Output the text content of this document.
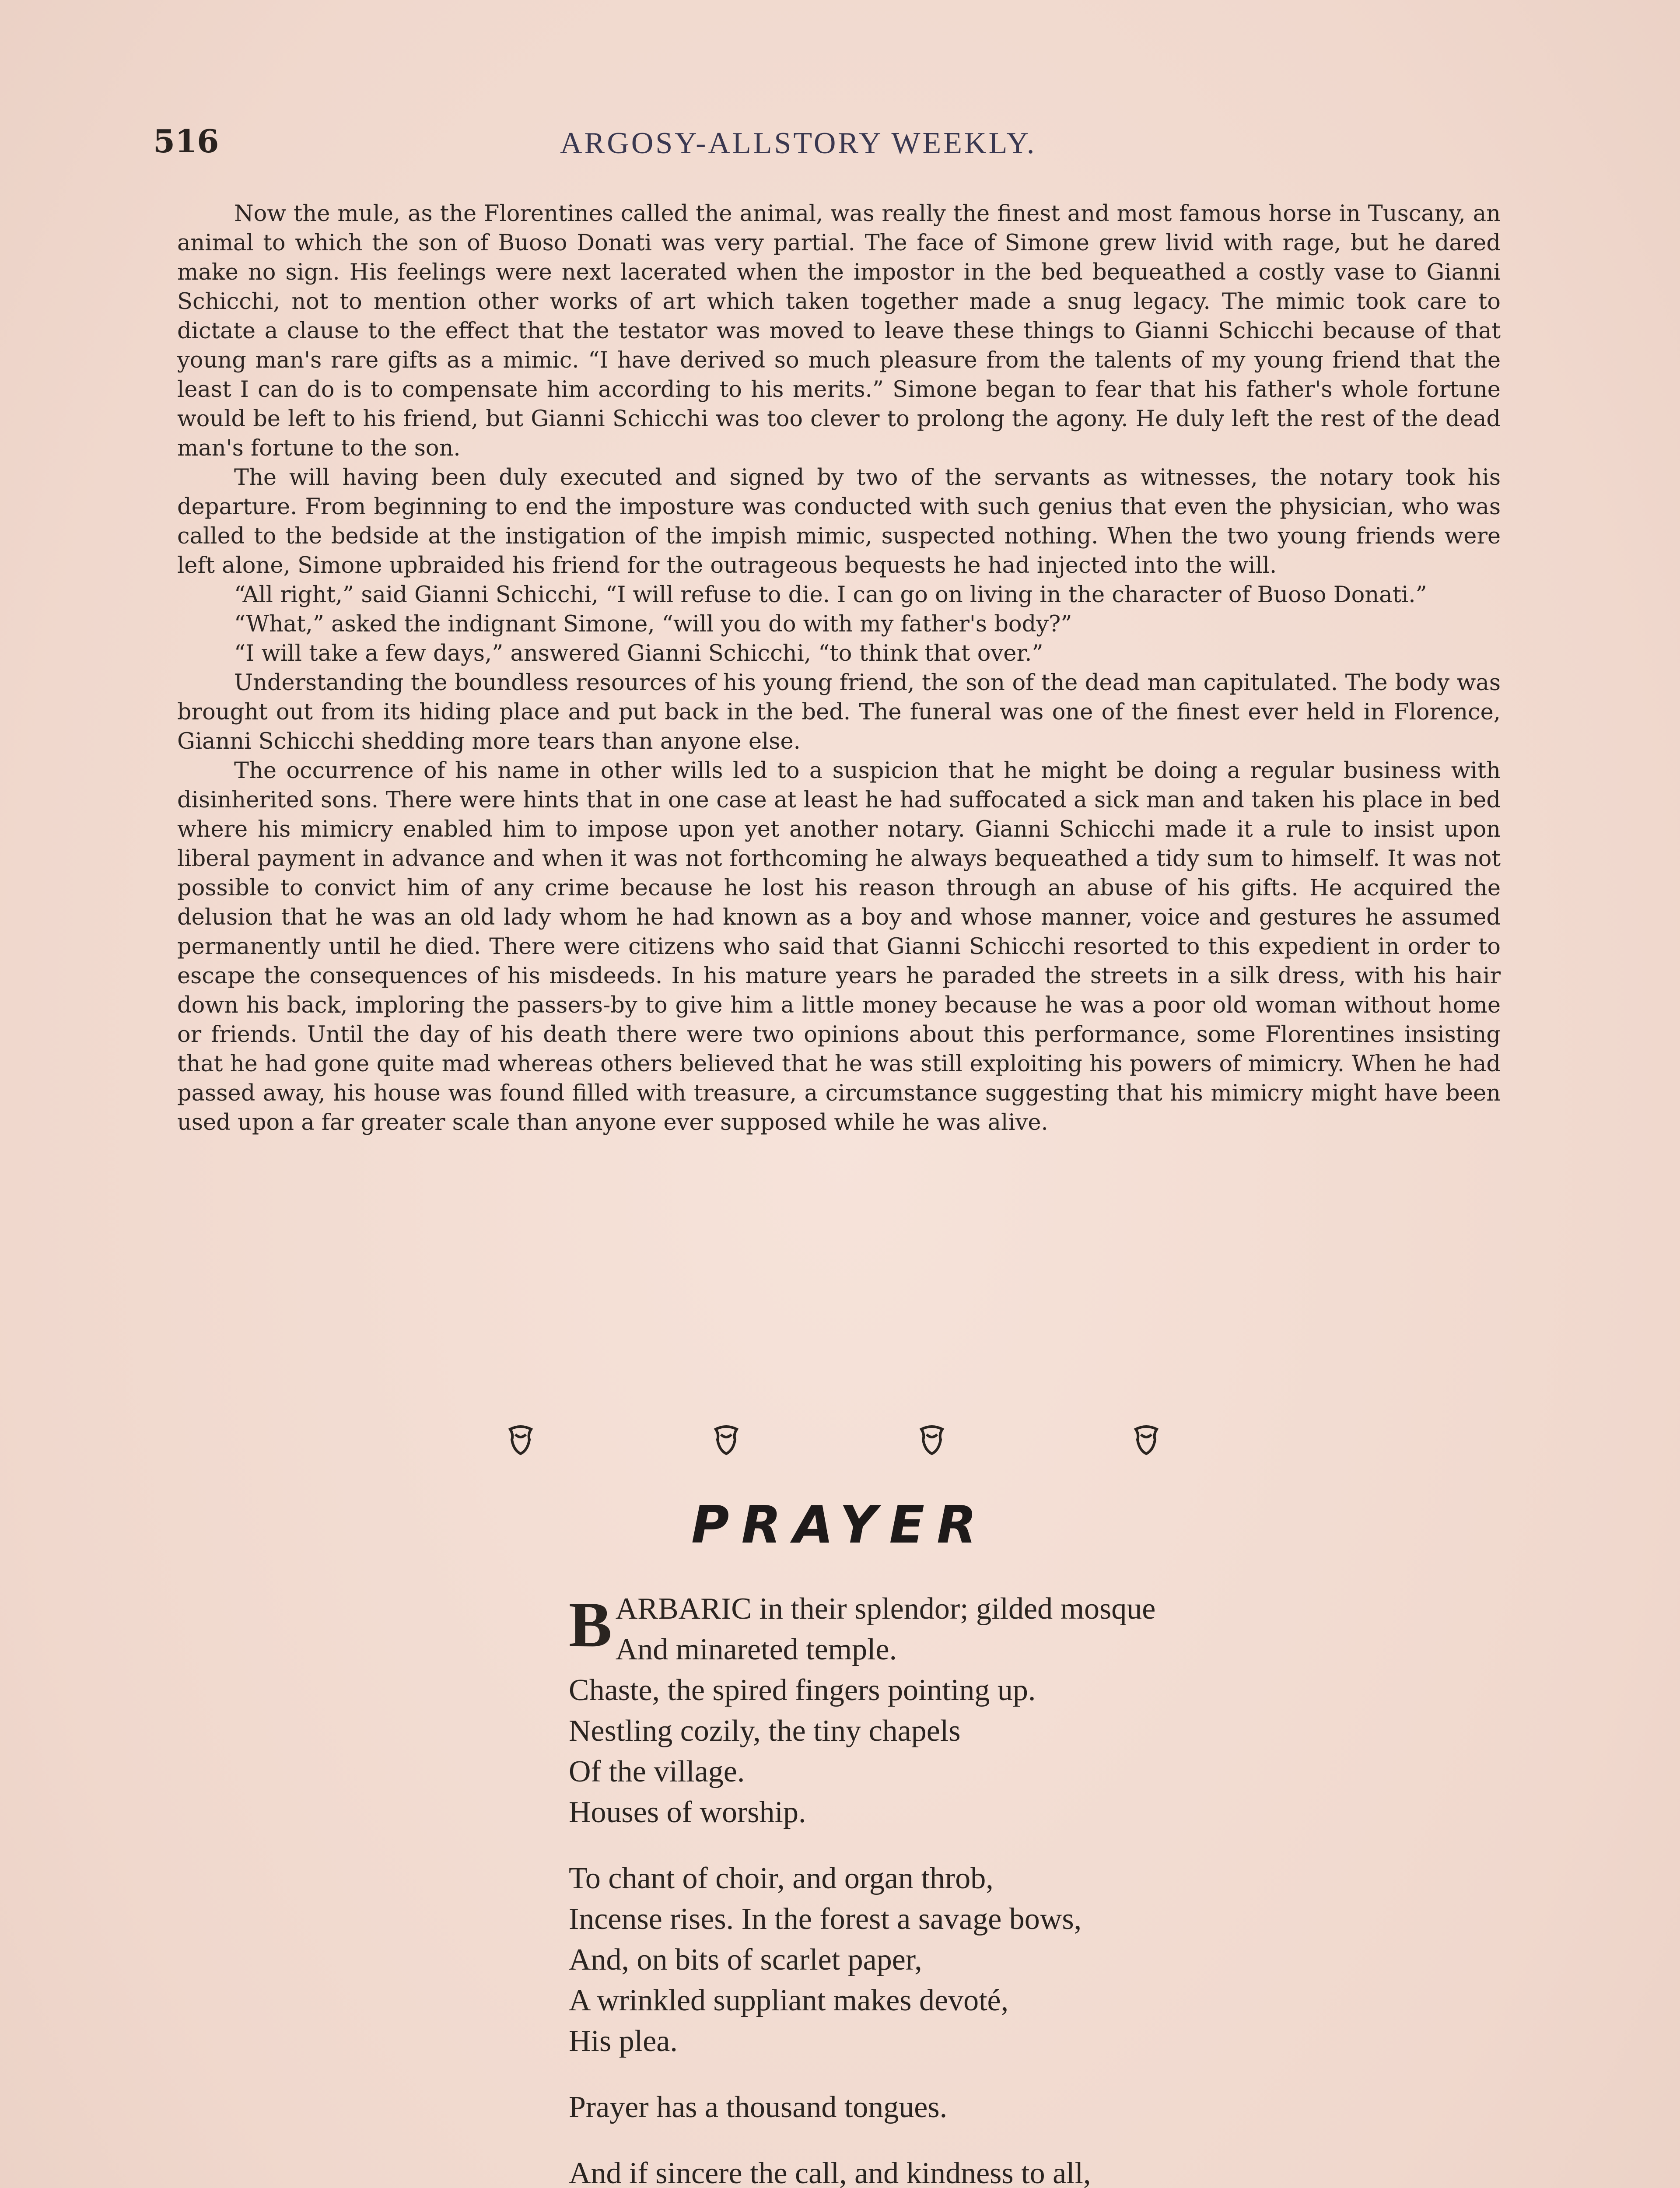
516	ARGOSY-ALLSTORY WEEKLY.

Now the mule, as the Florentines called the animal, was really the finest and most famous horse in Tuscany, an animal to which the son of Buoso Donati was very partial. The face of Simone grew livid with rage, but he dared make no sign. His feelings were next lacerated when the impostor in the bed bequeathed a costly vase to Gianni Schicchi, not to mention other works of art which taken together made a snug legacy. The mimic took care to dictate a clause to the effect that the testator was moved to leave these things to Gianni Schicchi because of that young man's rare gifts as a mimic. “I have derived so much pleasure from the talents of my young friend that the least I can do is to compensate him according to his merits.” Simone began to fear that his father's whole fortune would be left to his friend, but Gianni Schicchi was too clever to prolong the agony. He duly left the rest of the dead man's fortune to the son.

The will having been duly executed and signed by two of the servants as witnesses, the notary took his departure. From beginning to end the imposture was conducted with such genius that even the physician, who was called to the bedside at the instigation of the impish mimic, suspected nothing. When the two young friends were left alone, Simone upbraided his friend for the outrageous bequests he had injected into the will.

“All right,” said Gianni Schicchi, “I will refuse to die. I can go on living in the character of Buoso Donati.”

“What,” asked the indignant Simone, “will you do with my father's body?”

“I will take a few days,” answered Gianni Schicchi, “to think that over.”

Understanding the boundless resources of his young friend, the son of the dead man capitulated. The body was brought out from its hiding place and put back in the bed. The funeral was one of the finest ever held in Florence, Gianni Schicchi shedding more tears than anyone else.

The occurrence of his name in other wills led to a suspicion that he might be doing a regular business with disinherited sons. There were hints that in one case at least he had suffocated a sick man and taken his place in bed where his mimicry enabled him to impose upon yet another notary. Gianni Schicchi made it a rule to insist upon liberal payment in advance and when it was not forthcoming he always bequeathed a tidy sum to himself. It was not possible to convict him of any crime because he lost his reason through an abuse of his gifts. He acquired the delusion that he was an old lady whom he had known as a boy and whose manner, voice and gestures he assumed permanently until he died. There were citizens who said that Gianni Schicchi resorted to this expedient in order to escape the consequences of his misdeeds. In his mature years he paraded the streets in a silk dress, with his hair down his back, imploring the passers-by to give him a little money because he was a poor old woman without home or friends. Until the day of his death there were two opinions about this performance, some Florentines insisting that he had gone quite mad whereas others believed that he was still exploiting his powers of mimicry. When he had passed away, his house was found filled with treasure, a circumstance suggesting that his mimicry might have been used upon a far greater scale than anyone ever supposed while he was alive.

PRAYER
B ARBARIC in their splendor; gilded mosque
And minareted temple.
Chaste, the spired fingers pointing up.
Nestling cozily, the tiny chapels
Of the village.
Houses of worship.
To chant of choir, and organ throb,
Incense rises. In the forest a savage bows,
And, on bits of scarlet paper,
A wrinkled suppliant makes devoté,
His plea.
Prayer has a thousand tongues.
And if sincere the call, and kindness to all,
